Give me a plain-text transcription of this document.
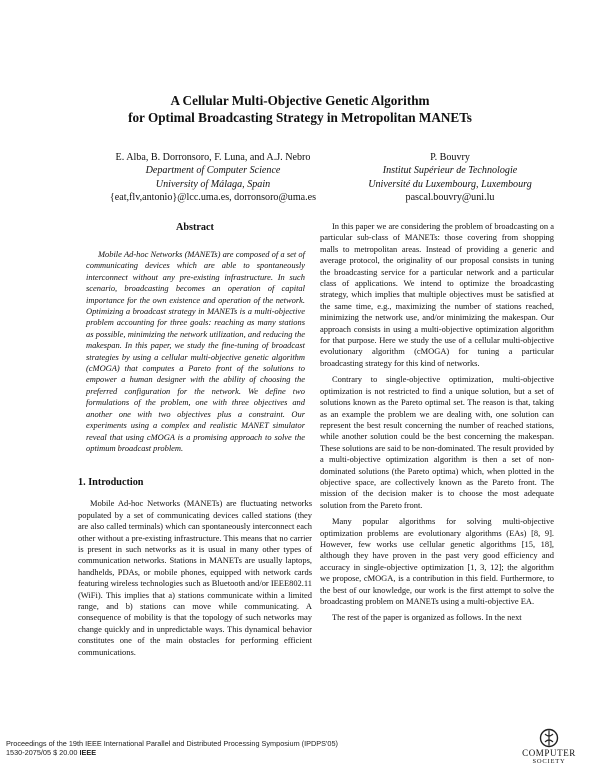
A Cellular Multi-Objective Genetic Algorithm
for Optimal Broadcasting Strategy in Metropolitan MANETs
E. Alba, B. Dorronsoro, F. Luna, and A.J. Nebro
Department of Computer Science
University of Málaga, Spain
{eat,flv,antonio}@lcc.uma.es, dorronsoro@uma.es
P. Bouvry
Institut Supérieur de Technologie
Université du Luxembourg, Luxembourg
pascal.bouvry@uni.lu
Abstract

Mobile Ad-hoc Networks (MANETs) are composed of a set of communicating devices which are able to spontaneously interconnect without any pre-existing infrastructure. In such scenario, broadcasting becomes an operation of capital importance for the own existence and operation of the network. Optimizing a broadcast strategy in MANETs is a multi-objective problem accounting for three goals: reaching as many stations as possible, minimizing the network utilization, and reducing the makespan. In this paper, we study the fine-tuning of broadcast strategies by using a cellular multi-objective genetic algorithm (cMOGA) that computes a Pareto front of the solutions to empower a human designer with the ability of choosing the preferred configuration for the network. We define two formulations of the problem, one with three objectives and another one with two objectives plus a constraint. Our experiments using a complex and realistic MANET simulator reveal that using cMOGA is a promising approach to solve the optimum broadcast problem.

1. Introduction

Mobile Ad-hoc Networks (MANETs) are fluctuating networks populated by a set of communicating devices called stations (they are also called terminals) which can spontaneously interconnect each other without a pre-existing infrastructure. This means that no carrier is present in such networks as it is usual in many other types of communication networks. Stations in MANETs are usually laptops, handhelds, PDAs, or mobile phones, equipped with network cards featuring wireless technologies such as Bluetooth and/or IEEE802.11 (WiFi). This implies that a) stations communicate within a limited range, and b) stations can move while communicating. A consequence of mobility is that the topology of such networks may change quickly and in unpredictable ways. This dynamical behavior constitutes one of the main obstacles for performing efficient communications.

In this paper we are considering the problem of broadcasting on a particular sub-class of MANETs: those covering from shopping malls to metropolitan areas. Instead of providing a generic and average protocol, the originality of our proposal consists in tuning the broadcasting service for a particular network and a particular class of applications. We intend to optimize the broadcasting strategy, which implies that multiple objectives must be satisfied at the same time, e.g., maximizing the number of stations reached, minimizing the network use, and/or minimizing the makespan. Our approach consists in using a multi-objective optimization algorithm for that purpose. Here we study the use of a cellular multi-objective evolutionary algorithm (cMOGA) for tuning a particular broadcasting strategy for this kind of networks.

Contrary to single-objective optimization, multi-objective optimization is not restricted to find a unique solution, but a set of solutions known as the Pareto optimal set. The reason is that, taking as an example the problem we are dealing with, one solution can represent the best result concerning the number of reached stations, while another solution could be the best concerning the makespan. These solutions are said to be non-dominated. The result provided by a multi-objective optimization algorithm is then a set of non-dominated solutions (the Pareto optima) which, when plotted in the objective space, are collectively known as the Pareto front. The mission of the decision maker is to choose the most adequate solution from the Pareto front.

Many popular algorithms for solving multi-objective optimization problems are evolutionary algorithms (EAs) [8, 9]. However, few works use cellular genetic algorithms [15, 18], although they have proven in the past very good efficiency and accuracy in single-objective optimization [1, 3, 12]; the algorithm we propose, cMOGA, is a contribution in this field. Furthermore, to the best of our knowledge, our work is the first attempt to solve the broadcasting problem on MANETs using a multi-objective EA.

The rest of the paper is organized as follows. In the next

Proceedings of the 19th IEEE International Parallel and Distributed Processing Symposium (IPDPS'05)
1530-2075/05 $ 20.00 IEEE	COMPUTER
SOCIETY
